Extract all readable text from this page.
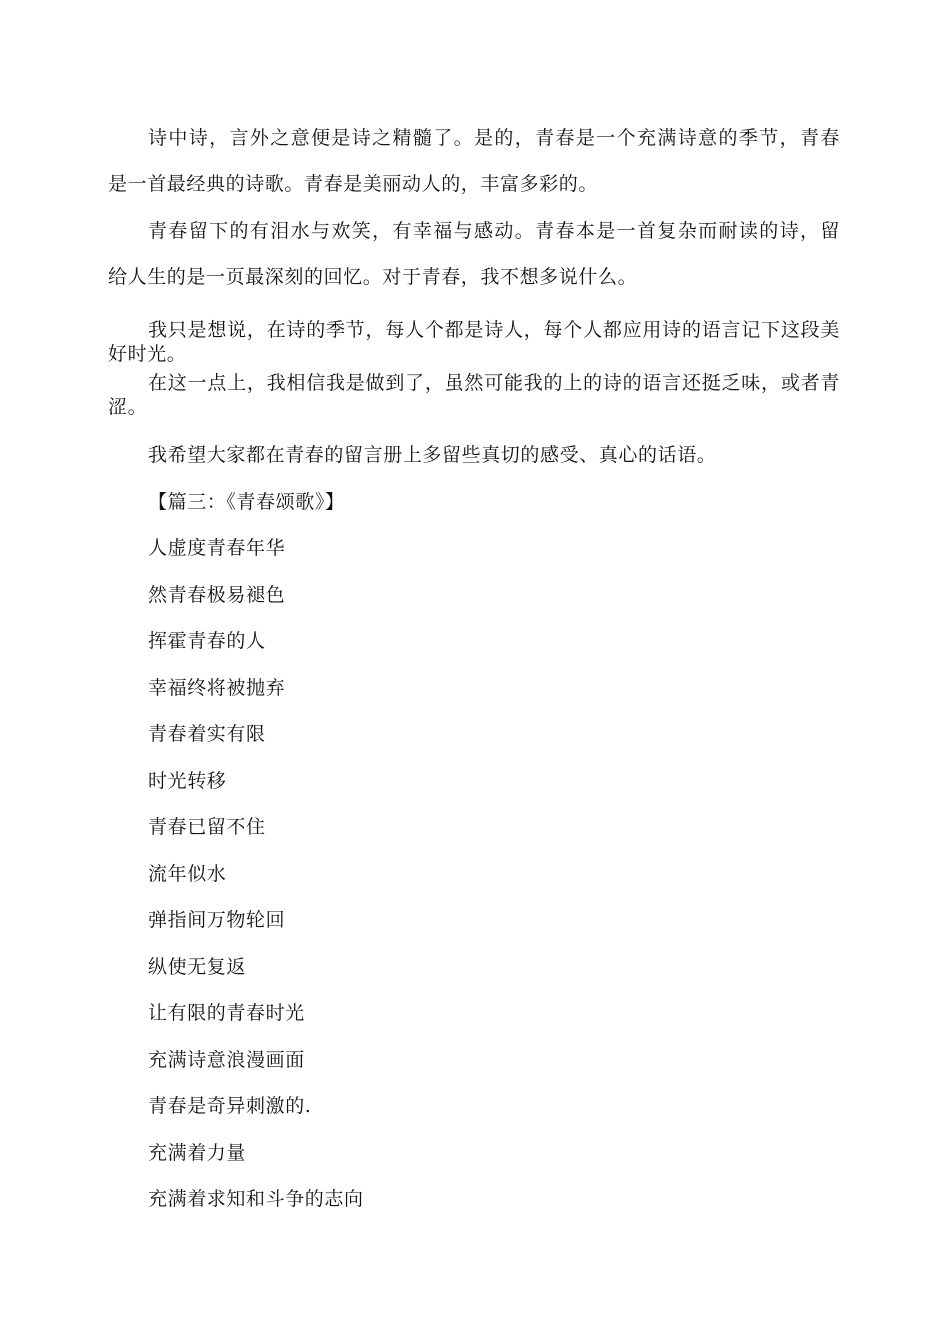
诗中诗，言外之意便是诗之精髓了。是的，青春是一个充满诗意的季节，青春
是一首最经典的诗歌。青春是美丽动人的，丰富多彩的。
青春留下的有泪水与欢笑，有幸福与感动。青春本是一首复杂而耐读的诗，留
给人生的是一页最深刻的回忆。对于青春，我不想多说什么。
我只是想说，在诗的季节，每人个都是诗人，每个人都应用诗的语言记下这段美好时光。
在这一点上，我相信我是做到了，虽然可能我的上的诗的语言还挺乏味，或者青涩。
我希望大家都在青春的留言册上多留些真切的感受、真心的话语。
【篇三：《青春颂歌》】
人虚度青春年华
然青春极易褪色
挥霍青春的人
幸福终将被抛弃
青春着实有限
时光转移
青春已留不住
流年似水
弹指间万物轮回
纵使无复返
让有限的青春时光
充满诗意浪漫画面
青春是奇异刺激的.
充满着力量
充满着求知和斗争的志向
